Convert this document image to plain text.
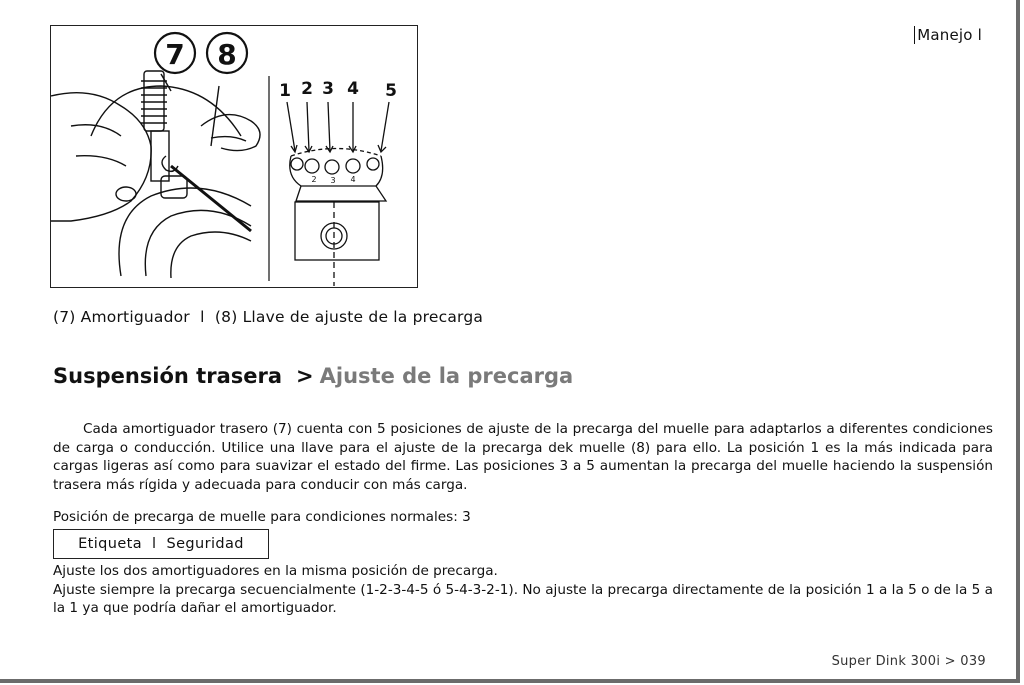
Manejo l
7 8
1 2 3 4 5
2 3 4
(7) Amortiguador  l  (8) Llave de ajuste de la precarga
Suspensión trasera > Ajuste de la precarga

Cada amortiguador trasero (7) cuenta con 5 posiciones de ajuste de la precarga del muelle para adaptarlos a diferentes condiciones de carga o conducción. Utilice una llave para el ajuste de la precarga dek muelle (8) para ello. La posición 1 es la más indicada para cargas ligeras así como para suavizar el estado del firme. Las posiciones 3 a 5 aumentan la precarga del muelle haciendo la suspensión trasera más rígida y adecuada para conducir con más carga.

Posición de precarga de muelle para condiciones normales: 3
Etiqueta  l  Seguridad
Ajuste los dos amortiguadores en la misma posición de precarga.
Ajuste siempre la precarga secuencialmente (1-2-3-4-5 ó 5-4-3-2-1). No ajuste la precarga directamente de la posición 1 a la 5 o de la 5 a la 1 ya que podría dañar el amortiguador.
Super Dink 300i > 039
